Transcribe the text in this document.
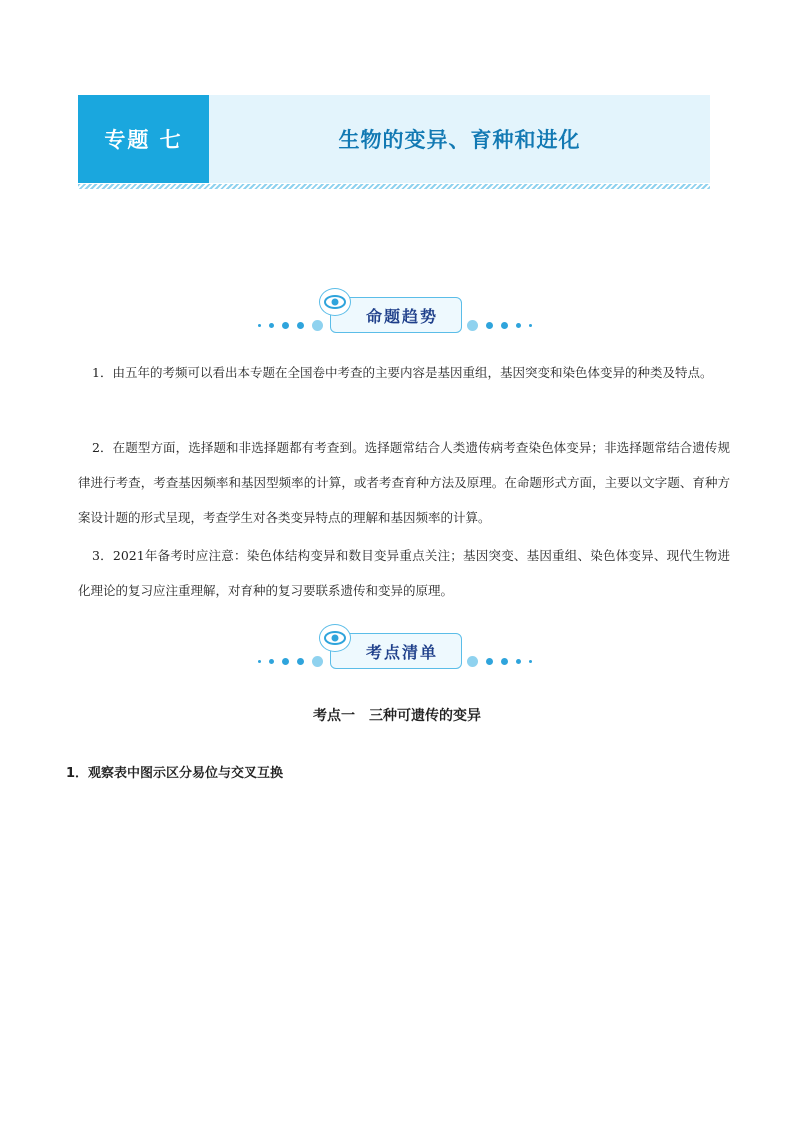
专题 七	生物的变异、育种和进化
命题趋势
1．由五年的考频可以看出本专题在全国卷中考查的主要内容是基因重组，基因突变和染色体变异的种类及特点。
2．在题型方面，选择题和非选择题都有考查到。选择题常结合人类遗传病考查染色体变异；非选择题常结合遗传规律进行考查，考查基因频率和基因型频率的计算，或者考查育种方法及原理。在命题形式方面，主要以文字题、育种方案设计题的形式呈现，考查学生对各类变异特点的理解和基因频率的计算。
3．2021年备考时应注意：染色体结构变异和数目变异重点关注；基因突变、基因重组、染色体变异、现代生物进化理论的复习应注重理解，对育种的复习要联系遗传和变异的原理。
考点清单
考点一　三种可遗传的变异
1．观察表中图示区分易位与交叉互换
